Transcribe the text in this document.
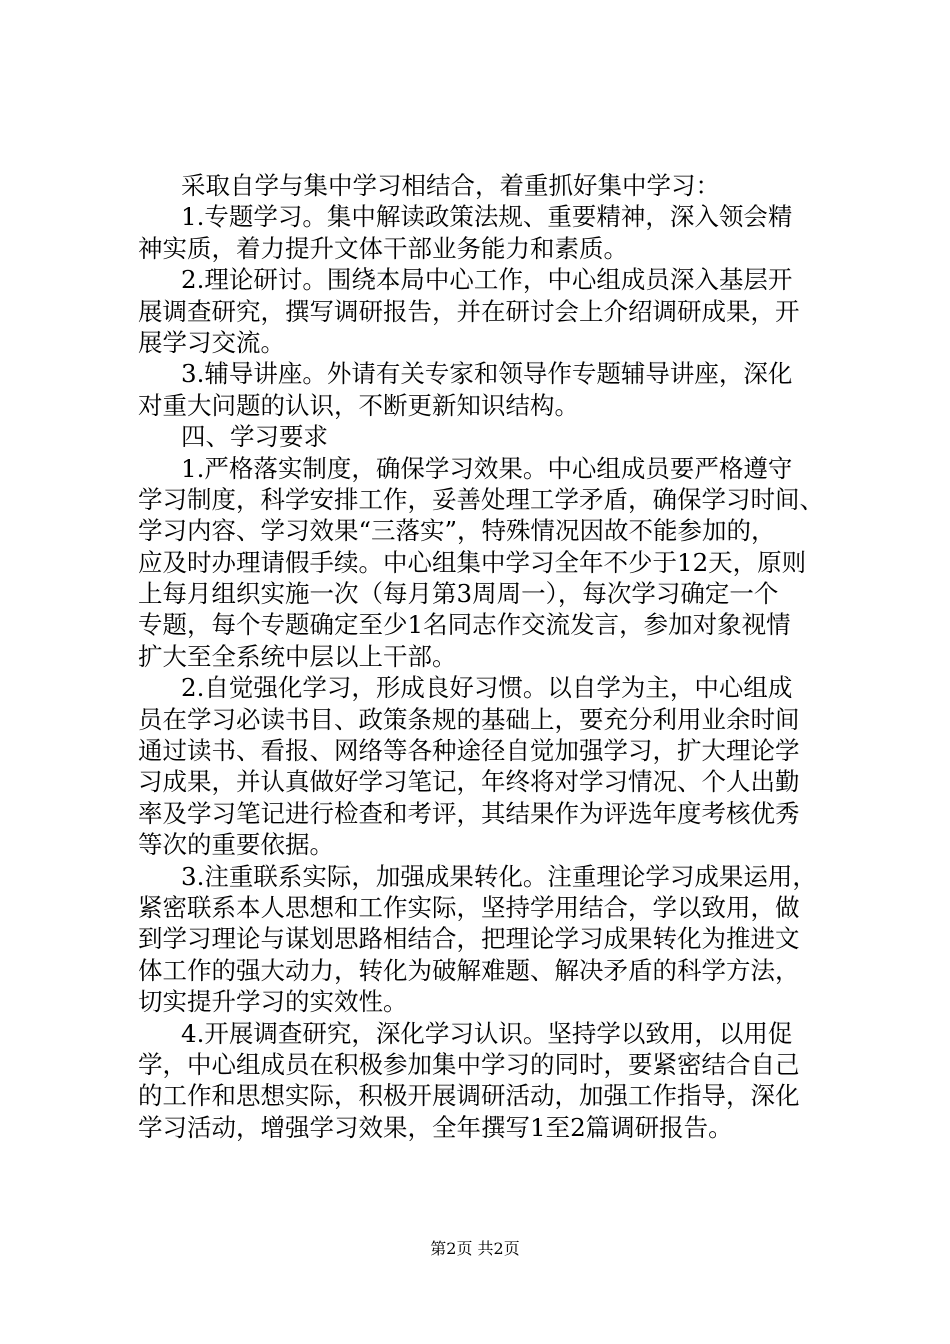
采取自学与集中学习相结合，着重抓好集中学习：
1.专题学习。集中解读政策法规、重要精神，深入领会精
神实质，着力提升文体干部业务能力和素质。
2.理论研讨。围绕本局中心工作，中心组成员深入基层开
展调查研究，撰写调研报告，并在研讨会上介绍调研成果，开
展学习交流。
3.辅导讲座。外请有关专家和领导作专题辅导讲座，深化
对重大问题的认识，不断更新知识结构。
四、学习要求
1.严格落实制度，确保学习效果。中心组成员要严格遵守
学习制度，科学安排工作，妥善处理工学矛盾，确保学习时间、
学习内容、学习效果“三落实”，特殊情况因故不能参加的，
应及时办理请假手续。中心组集中学习全年不少于12天，原则
上每月组织实施一次（每月第3周周一），每次学习确定一个
专题，每个专题确定至少1名同志作交流发言，参加对象视情
扩大至全系统中层以上干部。
2.自觉强化学习，形成良好习惯。以自学为主，中心组成
员在学习必读书目、政策条规的基础上，要充分利用业余时间
通过读书、看报、网络等各种途径自觉加强学习，扩大理论学
习成果，并认真做好学习笔记，年终将对学习情况、个人出勤
率及学习笔记进行检查和考评，其结果作为评选年度考核优秀
等次的重要依据。
3.注重联系实际，加强成果转化。注重理论学习成果运用，
紧密联系本人思想和工作实际，坚持学用结合，学以致用，做
到学习理论与谋划思路相结合，把理论学习成果转化为推进文
体工作的强大动力，转化为破解难题、解决矛盾的科学方法，
切实提升学习的实效性。
4.开展调查研究，深化学习认识。坚持学以致用，以用促
学，中心组成员在积极参加集中学习的同时，要紧密结合自己
的工作和思想实际，积极开展调研活动，加强工作指导，深化
学习活动，增强学习效果，全年撰写1至2篇调研报告。
第2页 共2页
